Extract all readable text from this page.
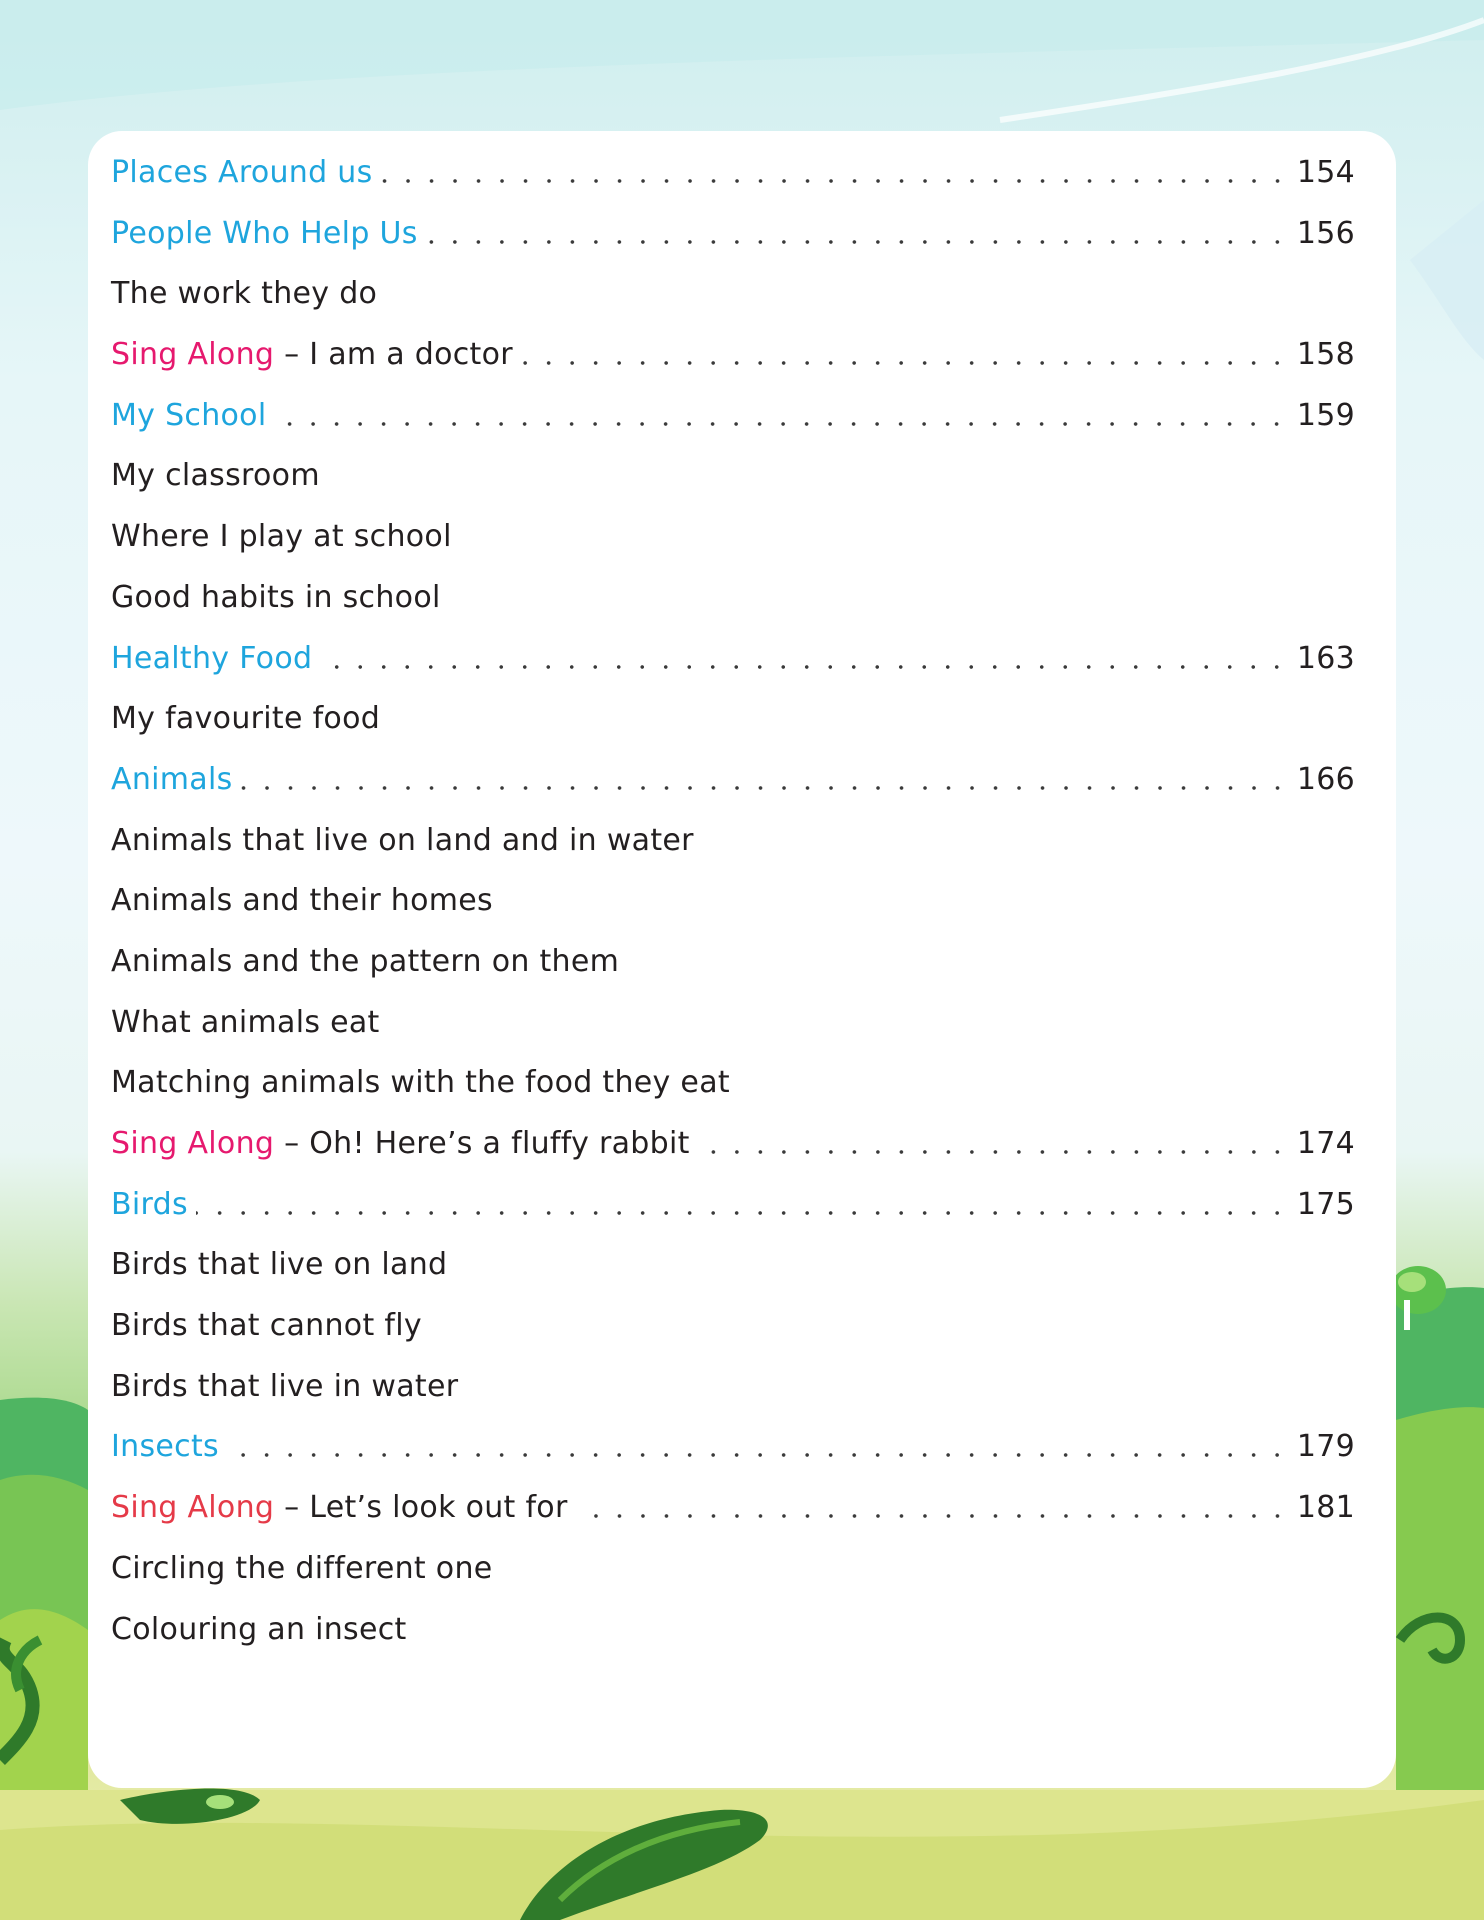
Places Around us	154
People Who Help Us	156
The work they do
Sing Along – I am a doctor	158
My School	159
My classroom
Where I play at school
Good habits in school
Healthy Food	163
My favourite food
Animals	166
Animals that live on land and in water
Animals and their homes
Animals and the pattern on them
What animals eat
Matching animals with the food they eat
Sing Along – Oh! Here’s a fluffy rabbit	174
Birds	175
Birds that live on land
Birds that cannot fly
Birds that live in water
Insects	179
Sing Along – Let’s look out for	181
Circling the different one
Colouring an insect
